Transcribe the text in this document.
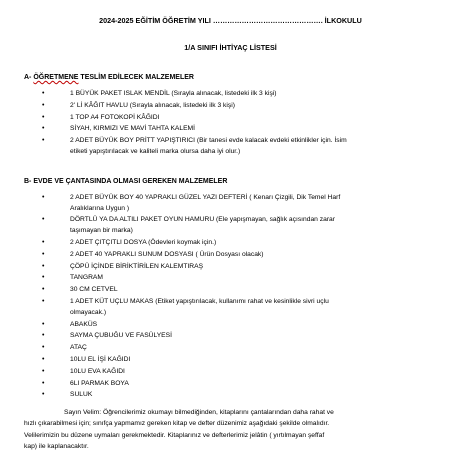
2024-2025 EĞİTİM ÖĞRETİM YILI ………………………………………. İLKOKULU
1/A SINIFI İHTİYAÇ LİSTESİ
A- ÖĞRETMENE TESLİM EDİLECEK MALZEMELER
•	1 BÜYÜK PAKET ISLAK MENDİL (Sırayla alınacak, listedeki ilk 3 kişi)
•	2' Lİ KÂĞIT HAVLU (Sırayla alınacak, listedeki ilk 3 kişi)
•	1 TOP A4 FOTOKOPİ KÂĞIDI
•	SİYAH, KIRMIZI VE MAVİ TAHTA KALEMİ
•	2 ADET BÜYÜK BOY PRİTT YAPIŞTIRICI (Bir tanesi evde kalacak evdeki etkinlikler için. İsim
etiketi yapıştırılacak ve kaliteli marka olursa daha iyi olur.)
B- EVDE VE ÇANTASINDA OLMASI GEREKEN MALZEMELER
•	2 ADET BÜYÜK BOY 40 YAPRAKLI GÜZEL YAZI DEFTERİ ( Kenarı Çizgili, Dik Temel Harf
Aralıklarına Uygun )
•	DÖRTLÜ YA DA ALTILI PAKET OYUN HAMURU (Ele yapışmayan, sağlık açısından zarar
taşımayan bir marka)
•	2 ADET ÇITÇITLI DOSYA (Ödevleri koymak için.)
•	2 ADET 40 YAPRAKLI SUNUM DOSYASI ( Ürün Dosyası olacak)
•	ÇÖPÜ İÇİNDE BİRİKTİRİLEN KALEMTIRAŞ
•	TANGRAM
•	30 CM CETVEL
•	1 ADET KÜT UÇLU MAKAS (Etiket yapıştırılacak, kullanımı rahat ve kesinlikle sivri uçlu
olmayacak.)
•	ABAKÜS
•	SAYMA ÇUBUĞU VE FASÜLYESİ
•	ATAÇ
•	10LU EL İŞİ KAĞIDI
•	10LU EVA KAĞIDI
•	6LI PARMAK BOYA
•	SULUK
Sayın Velim: Öğrencilerimiz okumayı bilmediğinden, kitaplarını çantalarından daha rahat ve
hızlı çıkarabilmesi için; sınıfça yapmamız gereken kitap ve defter düzenimiz aşağıdaki şekilde olmalıdır.
Velilerimizin bu düzene uymaları gerekmektedir. Kitaplarınız ve defterlerimiz jelâtin ( yırtılmayan şeffaf
kap) ile kaplanacaktır.
